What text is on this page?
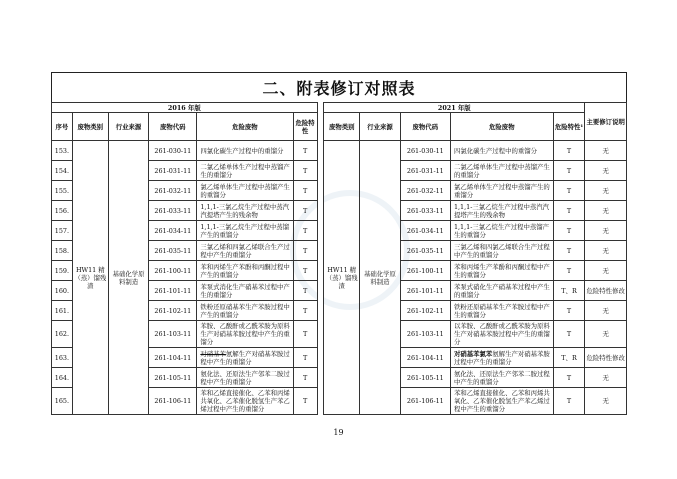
二、附表修订对照表
2016 年版							2021 年版					主要修订说明
序号	废物类别	行业来源	废物代码	危险废物	危险特性		废物类别	行业来源	废物代码	危险废物	危险特性¹	
153.	HW11 精（蒸）馏残渣	基础化学原料制造	261-030-11	四氯化碳生产过程中的重馏分	T		HW11 精（蒸）馏残渣	基础化学原料制造	261-030-11	四氯化碳生产过程中的重馏分	T	无
154.			261-031-11	二氯乙烯单体生产过程中蒸馏产生的重馏分	T				261-031-11	二氯乙烯单体生产过程中蒸馏产生的重馏分	T	无
155.			261-032-11	氯乙烯单体生产过程中蒸馏产生的重馏分	T				261-032-11	氯乙烯单体生产过程中蒸馏产生的重馏分	T	无
156.			261-033-11	1,1,1-三氯乙烷生产过程中蒸汽汽提塔产生的残余物	T				261-033-11	1,1,1-三氯乙烷生产过程中蒸汽汽提塔产生的残余物	T	无
157.			261-034-11	1,1,1-三氯乙烷生产过程中蒸馏产生的重馏分	T				261-034-11	1,1,1-三氯乙烷生产过程中蒸馏产生的重馏分	T	无
158.			261-035-11	三氯乙烯和四氯乙烯联合生产过程中产生的重馏分	T				261-035-11	三氯乙烯和四氯乙烯联合生产过程中产生的重馏分	T	无
159.			261-100-11	苯和丙烯生产苯酚和丙酮过程中产生的重馏分	T				261-100-11	苯和丙烯生产苯酚和丙酮过程中产生的重馏分	T	无
160.			261-101-11	苯泵式消化生产硝基苯过程中产生的重馏分	T				261-101-11	苯泵式硝化生产硝基苯过程中产生的重馏分	T、R	危险特性修改
161.			261-102-11	铁粉还原硝基苯生产苯胺过程中产生的重馏分	T				261-102-11	铁粉还原硝基苯生产苯胺过程中产生的重馏分	T	无
162.			261-103-11	苯胺、乙酸酐或乙酰苯胺为原料生产对硝基苯胺过程中产生的重馏分	T				261-103-11	以苯胺、乙酸酐或乙酰苯胺为原料生产对硝基苯胺过程中产生的重馏分	T	无
163.			261-104-11	对硝基苯氨解生产对硝基苯胺过程中产生的重馏分	T				261-104-11	对硝基苯氯苯氨解生产对硝基苯胺过程中产生的重馏分	T、R	危险特性修改
164.			261-105-11	氨化法、还原法生产邻苯二胺过程中产生的重馏分	T				261-105-11	氨化法、还原法生产邻苯二胺过程中产生的重馏分	T	无
165.			261-106-11	苯和乙烯直接催化、乙苯和丙烯共氧化、乙苯催化脱氢生产苯乙烯过程中产生的重馏分	T				261-106-11	苯和乙烯直接催化、乙苯和丙烯共氧化、乙苯催化脱氢生产苯乙烯过程中产生的重馏分	T	无
19
